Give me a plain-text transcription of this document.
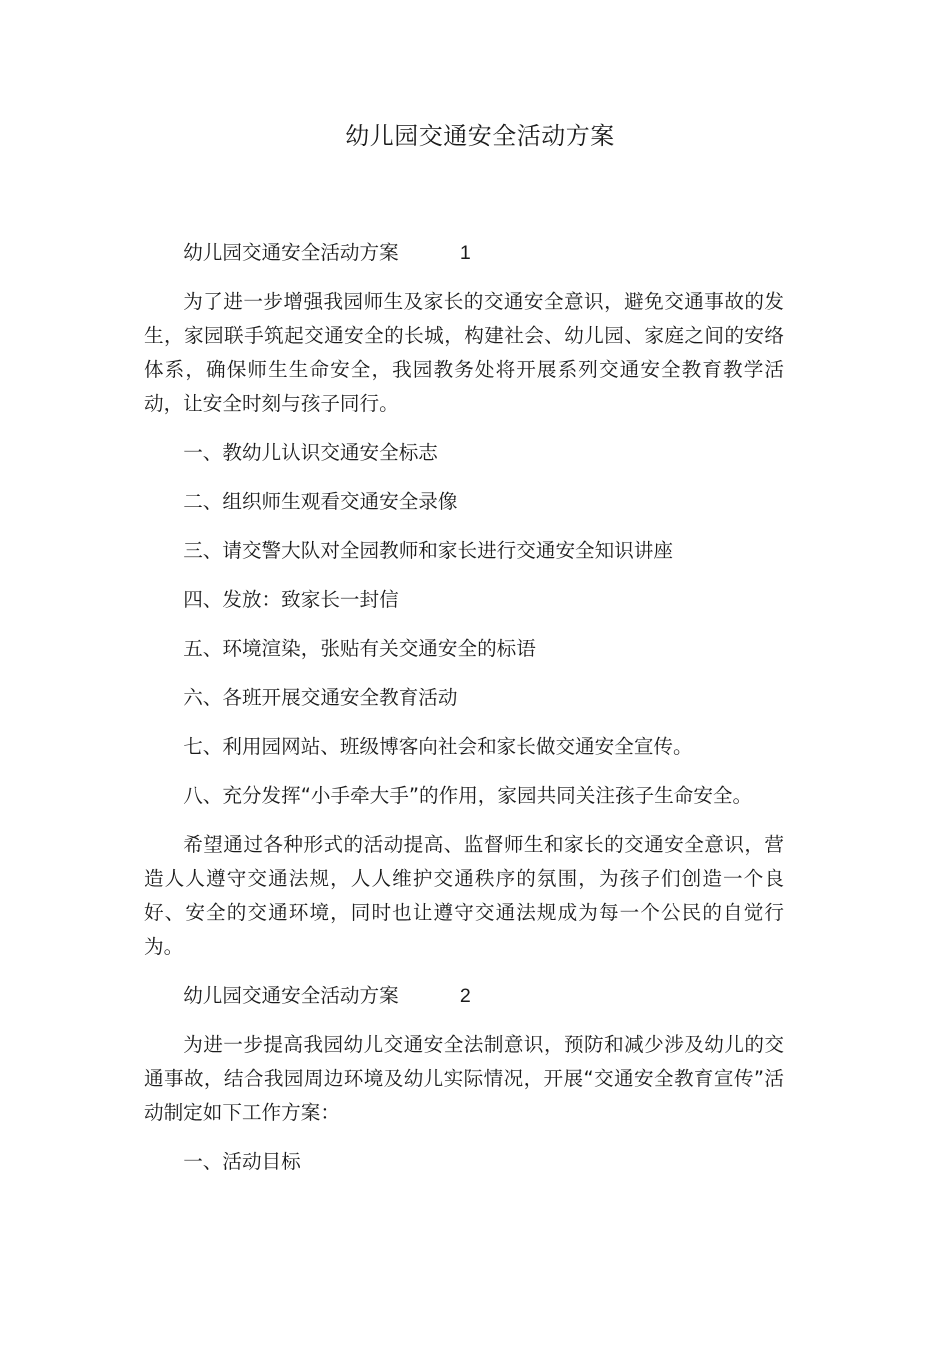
幼儿园交通安全活动方案

幼儿园交通安全活动方案	1

为了进一步增强我园师生及家长的交通安全意识，避免交通事故的发生，家园联手筑起交通安全的长城，构建社会、幼儿园、家庭之间的安络体系，确保师生生命安全，我园教务处将开展系列交通安全教育教学活动，让安全时刻与孩子同行。

一、教幼儿认识交通安全标志

二、组织师生观看交通安全录像

三、请交警大队对全园教师和家长进行交通安全知识讲座

四、发放：致家长一封信

五、环境渲染，张贴有关交通安全的标语

六、各班开展交通安全教育活动

七、利用园网站、班级博客向社会和家长做交通安全宣传。

八、充分发挥“小手牵大手”的作用，家园共同关注孩子生命安全。

希望通过各种形式的活动提高、监督师生和家长的交通安全意识，营造人人遵守交通法规，人人维护交通秩序的氛围，为孩子们创造一个良好、安全的交通环境，同时也让遵守交通法规成为每一个公民的自觉行为。

幼儿园交通安全活动方案	2

为进一步提高我园幼儿交通安全法制意识，预防和减少涉及幼儿的交通事故，结合我园周边环境及幼儿实际情况，开展“交通安全教育宣传”活动制定如下工作方案：

一、活动目标
